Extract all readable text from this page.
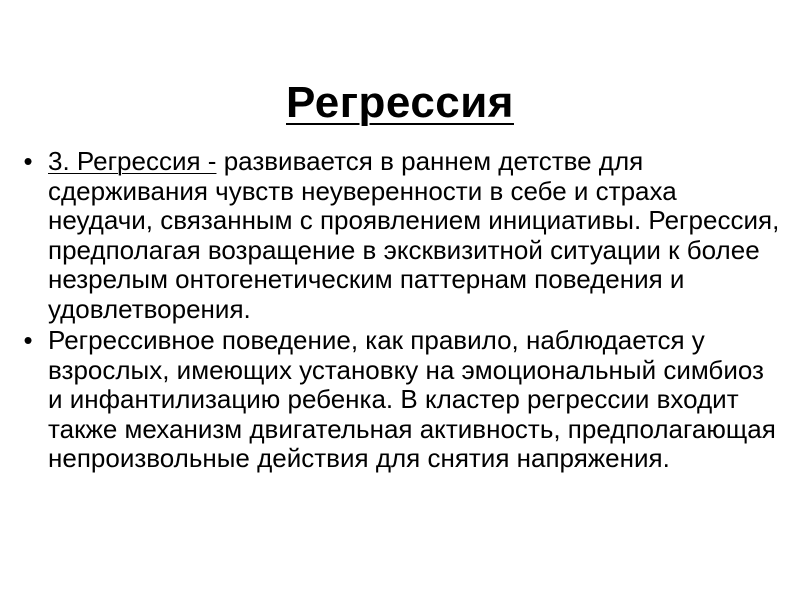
Регрессия
• 3. Регрессия - развивается в раннем детстве для сдерживания чувств неуверенности в себе и страха неудачи, связанным с проявлением инициативы. Регрессия, предполагая возращение в эксквизитной ситуации к более незрелым онтогенетическим паттернам поведения и удовлетворения.
• Регрессивное поведение, как правило, наблюдается у взрослых, имеющих установку на эмоциональный симбиоз и инфантилизацию ребенка. В кластер регрессии входит также механизм двигательная активность, предполагающая непроизвольные действия для снятия напряжения.
